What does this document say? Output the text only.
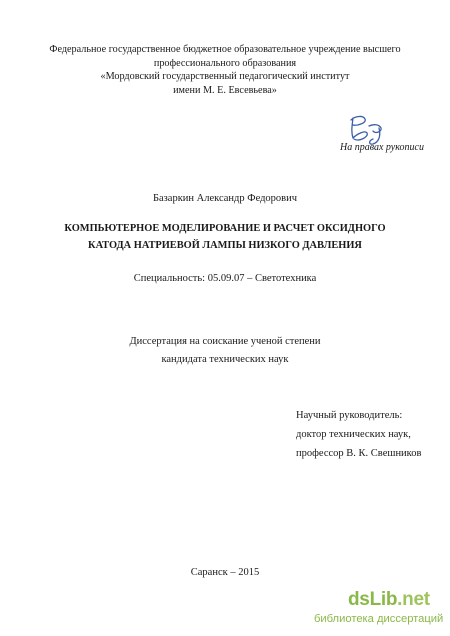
Федеральное государственное бюджетное образовательное учреждение высшего
профессионального образования
«Мордовский государственный педагогический институт
имени М. Е. Евсевьева»
На правах рукописи
Базаркин Александр Федорович
КОМПЬЮТЕРНОЕ МОДЕЛИРОВАНИЕ И РАСЧЕТ ОКСИДНОГО
КАТОДА НАТРИЕВОЙ ЛАМПЫ НИЗКОГО ДАВЛЕНИЯ
Специальность: 05.09.07 – Светотехника
Диссертация на соискание ученой степени
кандидата технических наук
Научный руководитель:
доктор технических наук,
профессор В. К. Свешников
Саранск – 2015
dsLib.net
библиотека диссертаций
